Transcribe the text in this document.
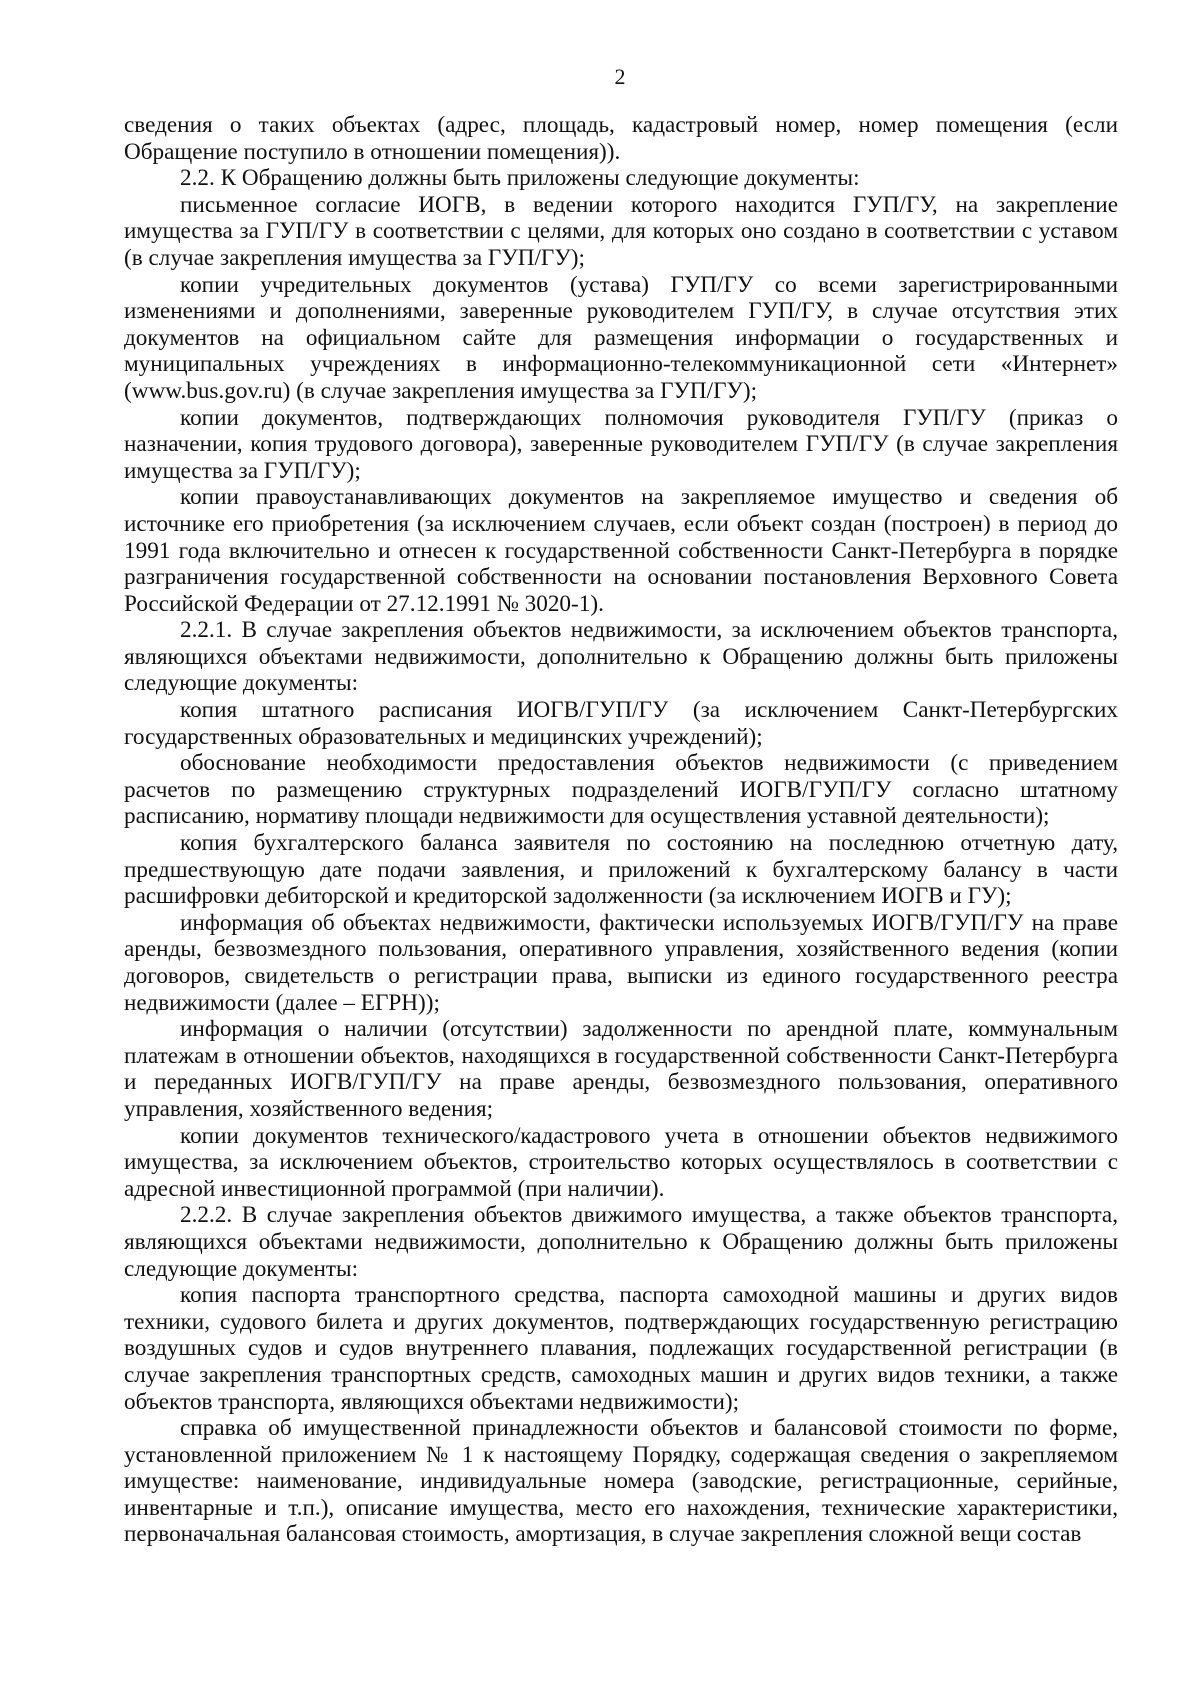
2

сведения о таких объектах (адрес, площадь, кадастровый номер, номер помещения (если Обращение поступило в отношении помещения)).

2.2. К Обращению должны быть приложены следующие документы:

письменное согласие ИОГВ, в ведении которого находится ГУП/ГУ, на закрепление имущества за ГУП/ГУ в соответствии с целями, для которых оно создано в соответствии с уставом (в случае закрепления имущества за ГУП/ГУ);

копии учредительных документов (устава) ГУП/ГУ со всеми зарегистрированными изменениями и дополнениями, заверенные руководителем ГУП/ГУ, в случае отсутствия этих документов на официальном сайте для размещения информации о государственных и муниципальных учреждениях в информационно-телекоммуникационной сети «Интернет» (www.bus.gov.ru) (в случае закрепления имущества за ГУП/ГУ);

копии документов, подтверждающих полномочия руководителя ГУП/ГУ (приказ о назначении, копия трудового договора), заверенные руководителем ГУП/ГУ (в случае закрепления имущества за ГУП/ГУ);

копии правоустанавливающих документов на закрепляемое имущество и сведения об источнике его приобретения (за исключением случаев, если объект создан (построен) в период до 1991 года включительно и отнесен к государственной собственности Санкт-Петербурга в порядке разграничения государственной собственности на основании постановления Верховного Совета Российской Федерации от 27.12.1991 № 3020-1).

2.2.1. В случае закрепления объектов недвижимости, за исключением объектов транспорта, являющихся объектами недвижимости, дополнительно к Обращению должны быть приложены следующие документы:

копия штатного расписания ИОГВ/ГУП/ГУ (за исключением Санкт-Петербургских государственных образовательных и медицинских учреждений);

обоснование необходимости предоставления объектов недвижимости (с приведением расчетов по размещению структурных подразделений ИОГВ/ГУП/ГУ согласно штатному расписанию, нормативу площади недвижимости для осуществления уставной деятельности);

копия бухгалтерского баланса заявителя по состоянию на последнюю отчетную дату, предшествующую дате подачи заявления, и приложений к бухгалтерскому балансу в части расшифровки дебиторской и кредиторской задолженности (за исключением ИОГВ и ГУ);

информация об объектах недвижимости, фактически используемых ИОГВ/ГУП/ГУ на праве аренды, безвозмездного пользования, оперативного управления, хозяйственного ведения (копии договоров, свидетельств о регистрации права, выписки из единого государственного реестра недвижимости (далее – ЕГРН));

информация о наличии (отсутствии) задолженности по арендной плате, коммунальным платежам в отношении объектов, находящихся в государственной собственности Санкт-Петербурга и переданных ИОГВ/ГУП/ГУ на праве аренды, безвозмездного пользования, оперативного управления, хозяйственного ведения;

копии документов технического/кадастрового учета в отношении объектов недвижимого имущества, за исключением объектов, строительство которых осуществлялось в соответствии с адресной инвестиционной программой (при наличии).

2.2.2. В случае закрепления объектов движимого имущества, а также объектов транспорта, являющихся объектами недвижимости, дополнительно к Обращению должны быть приложены следующие документы:

копия паспорта транспортного средства, паспорта самоходной машины и других видов техники, судового билета и других документов, подтверждающих государственную регистрацию воздушных судов и судов внутреннего плавания, подлежащих государственной регистрации (в случае закрепления транспортных средств, самоходных машин и других видов техники, а также объектов транспорта, являющихся объектами недвижимости);

справка об имущественной принадлежности объектов и балансовой стоимости по форме, установленной приложением № 1 к настоящему Порядку, содержащая сведения о закрепляемом имуществе: наименование, индивидуальные номера (заводские, регистрационные, серийные, инвентарные и т.п.), описание имущества, место его нахождения, технические характеристики, первоначальная балансовая стоимость, амортизация, в случае закрепления сложной вещи состав
